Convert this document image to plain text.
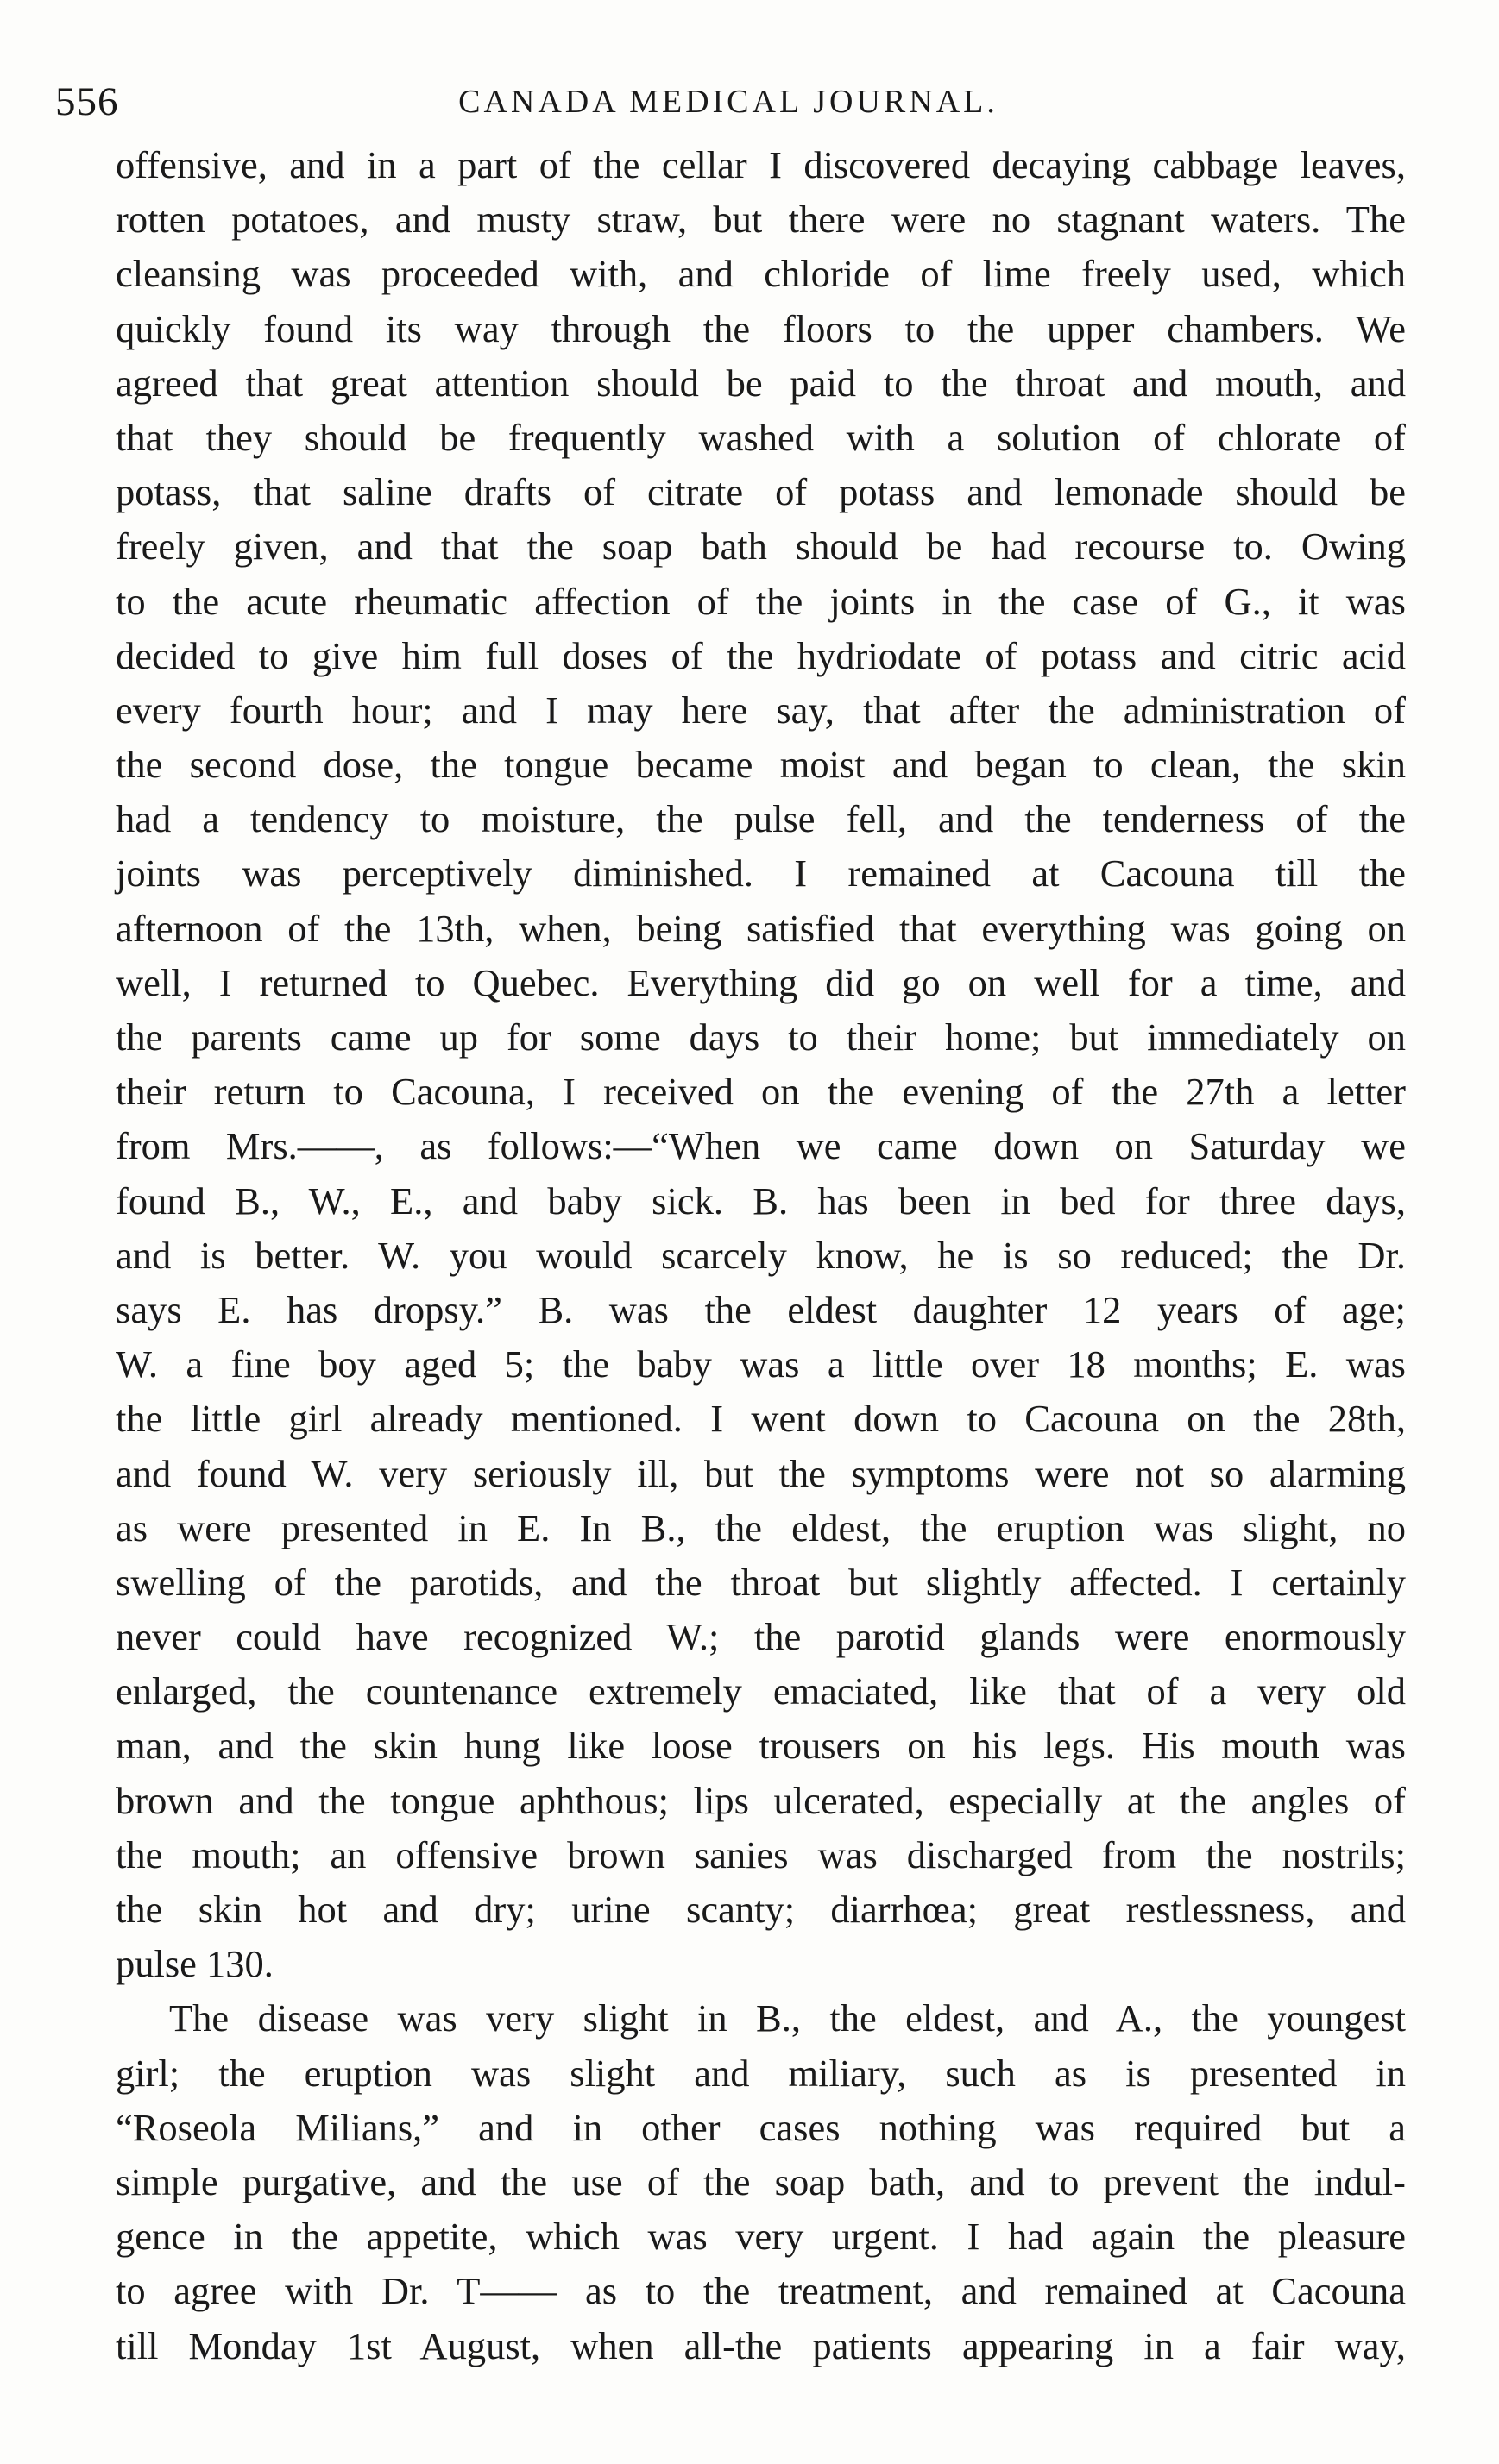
556	CANADA MEDICAL JOURNAL.
offensive, and in a part of the cellar I discovered decaying cabbage leaves,
rotten potatoes, and musty straw, but there were no stagnant waters. The
cleansing was proceeded with, and chloride of lime freely used, which
quickly found its way through the floors to the upper chambers. We
agreed that great attention should be paid to the throat and mouth, and
that they should be frequently washed with a solution of chlorate of
potass, that saline drafts of citrate of potass and lemonade should be
freely given, and that the soap bath should be had recourse to. Owing
to the acute rheumatic affection of the joints in the case of G., it was
decided to give him full doses of the hydriodate of potass and citric acid
every fourth hour; and I may here say, that after the administration of
the second dose, the tongue became moist and began to clean, the skin
had a tendency to moisture, the pulse fell, and the tenderness of the
joints was perceptively diminished. I remained at Cacouna till the
afternoon of the 13th, when, being satisfied that everything was going on
well, I returned to Quebec. Everything did go on well for a time, and
the parents came up for some days to their home; but immediately on
their return to Cacouna, I received on the evening of the 27th a letter
from Mrs.——, as follows:—“When we came down on Saturday we
found B., W., E., and baby sick. B. has been in bed for three days,
and is better. W. you would scarcely know, he is so reduced; the Dr.
says E. has dropsy.” B. was the eldest daughter 12 years of age;
W. a fine boy aged 5; the baby was a little over 18 months; E. was
the little girl already mentioned. I went down to Cacouna on the 28th,
and found W. very seriously ill, but the symptoms were not so alarming
as were presented in E. In B., the eldest, the eruption was slight, no
swelling of the parotids, and the throat but slightly affected. I certainly
never could have recognized W.; the parotid glands were enormously
enlarged, the countenance extremely emaciated, like that of a very old
man, and the skin hung like loose trousers on his legs. His mouth was
brown and the tongue aphthous; lips ulcerated, especially at the angles of
the mouth; an offensive brown sanies was discharged from the nostrils;
the skin hot and dry; urine scanty; diarrhœa; great restlessness, and
pulse 130.
The disease was very slight in B., the eldest, and A., the youngest
girl; the eruption was slight and miliary, such as is presented in
“Roseola Milians,” and in other cases nothing was required but a
simple purgative, and the use of the soap bath, and to prevent the indul-
gence in the appetite, which was very urgent. I had again the pleasure
to agree with Dr. T—— as to the treatment, and remained at Cacouna
till Monday 1st August, when all-the patients appearing in a fair way,
